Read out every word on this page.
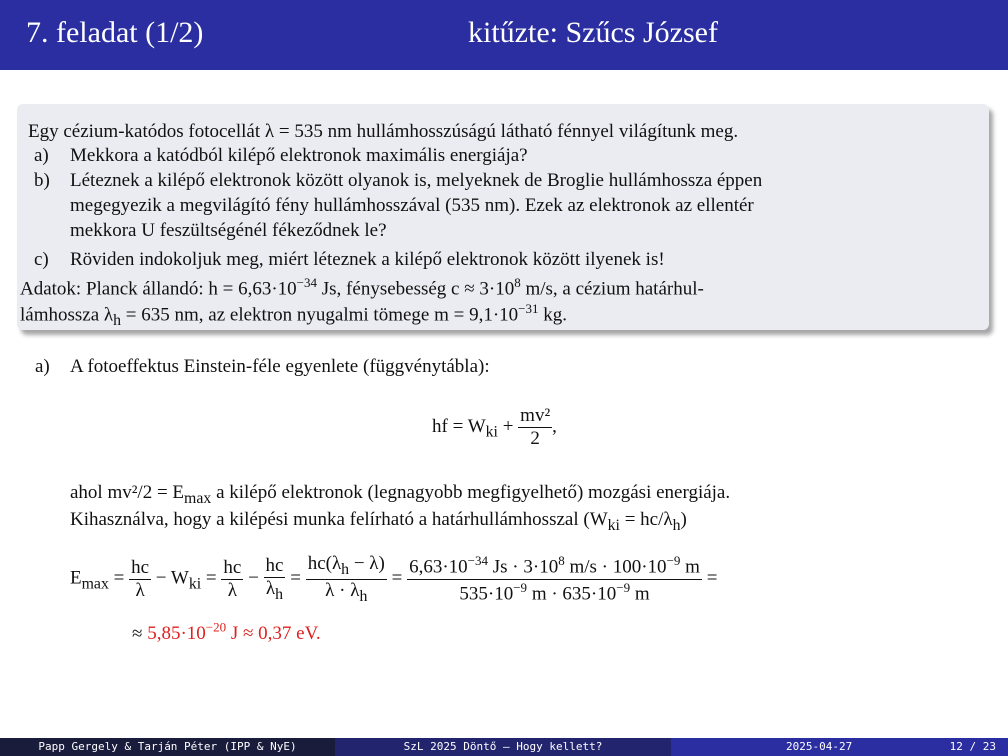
7. feladat (1/2)	kitűzte: Szűcs József
Egy cézium-katódos fotocellát λ = 535 nm hullámhosszúságú látható fénnyel világítunk meg.
a) Mekkora a katódból kilépő elektronok maximális energiája?
b) Léteznek a kilépő elektronok között olyanok is, melyeknek de Broglie hullámhossza éppen
megegyezik a megvilágító fény hullámhosszával (535 nm). Ezek az elektronok az ellentér
mekkora U feszültségénél fékeződnek le?
c) Röviden indokoljuk meg, miért léteznek a kilépő elektronok között ilyenek is!
Adatok: Planck állandó: $h = 6,63\cdot 10^{-34}$ Js, fénysebesség $c \approx 3\cdot 10^8$ m/s, a cézium határhul-
lámhossza $\lambda_h = 635$ nm, az elektron nyugalmi tömege $m = 9,1\cdot 10^{-31}$ kg.
a) A fotoeffektus Einstein-féle egyenlete (függvénytábla):
hf = $W_{ki} + \frac{\text{mv²}}{2}$ ,
ahol $mv^2/2 = E_{max}$ a kilépő elektronok (legnagyobb megfigyelhető) mozgási energiája.
Kihasználva, hogy a kilépési munka felírható a határhullámhosszal $(W_{ki} = hc/\lambda_h)$
$E_{max} = \frac{hc}{\lambda} - W_{ki} = \frac{hc}{\lambda} - \frac{hc}{\lambda_h} = \frac{hc(\lambda_h - \lambda)}{\lambda \cdot \lambda_h} = \frac{6,63\cdot 10^{-34} Js \cdot 3\cdot 10^8 m/s \cdot 100\cdot 10^{-9} m}{535\cdot 10^{-9} m \cdot 635\cdot 10^{-9} m}$ =
≈ $5,85\cdot 10^{-20}$ J ≈ 0,37 eV.
Papp Gergely & Tarján Péter (IPP & NyE)	SzL 2025 Döntő – Hogy kellett?	2025-04-27	12 / 23
